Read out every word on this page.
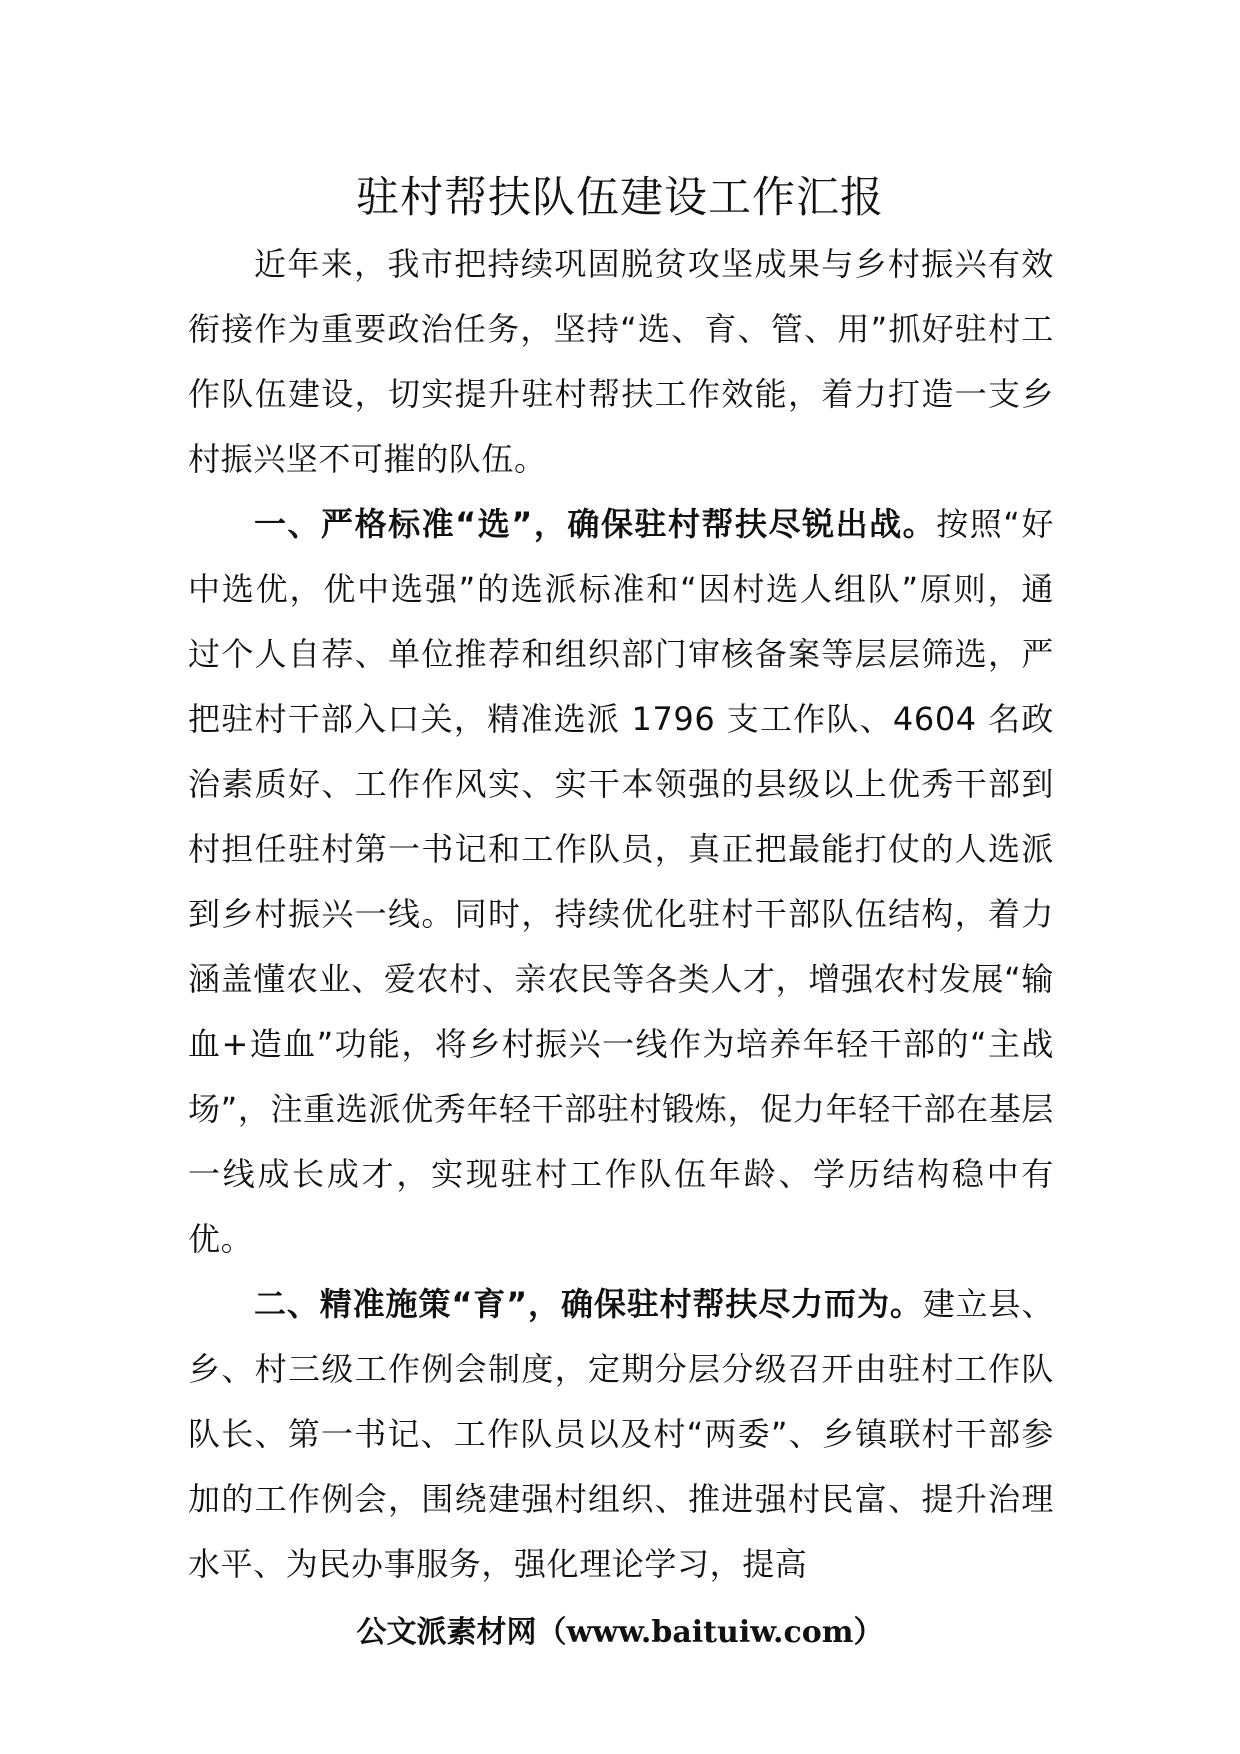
驻村帮扶队伍建设工作汇报

近年来，我市把持续巩固脱贫攻坚成果与乡村振兴有效衔接作为重要政治任务，坚持“选、育、管、用”抓好驻村工作队伍建设，切实提升驻村帮扶工作效能，着力打造一支乡村振兴坚不可摧的队伍。

一、严格标准“选”，确保驻村帮扶尽锐出战。按照“好中选优，优中选强”的选派标准和“因村选人组队”原则，通过个人自荐、单位推荐和组织部门审核备案等层层筛选，严把驻村干部入口关，精准选派 1796 支工作队、4604 名政治素质好、工作作风实、实干本领强的县级以上优秀干部到村担任驻村第一书记和工作队员，真正把最能打仗的人选派到乡村振兴一线。同时，持续优化驻村干部队伍结构，着力涵盖懂农业、爱农村、亲农民等各类人才，增强农村发展“输血+造血”功能，将乡村振兴一线作为培养年轻干部的“主战场”，注重选派优秀年轻干部驻村锻炼，促力年轻干部在基层一线成长成才，实现驻村工作队伍年龄、学历结构稳中有优。

二、精准施策“育”，确保驻村帮扶尽力而为。建立县、乡、村三级工作例会制度，定期分层分级召开由驻村工作队队长、第一书记、工作队员以及村“两委”、乡镇联村干部参加的工作例会，围绕建强村组织、推进强村民富、提升治理水平、为民办事服务，强化理论学习，提高

公文派素材网（www.baituiw.com）
